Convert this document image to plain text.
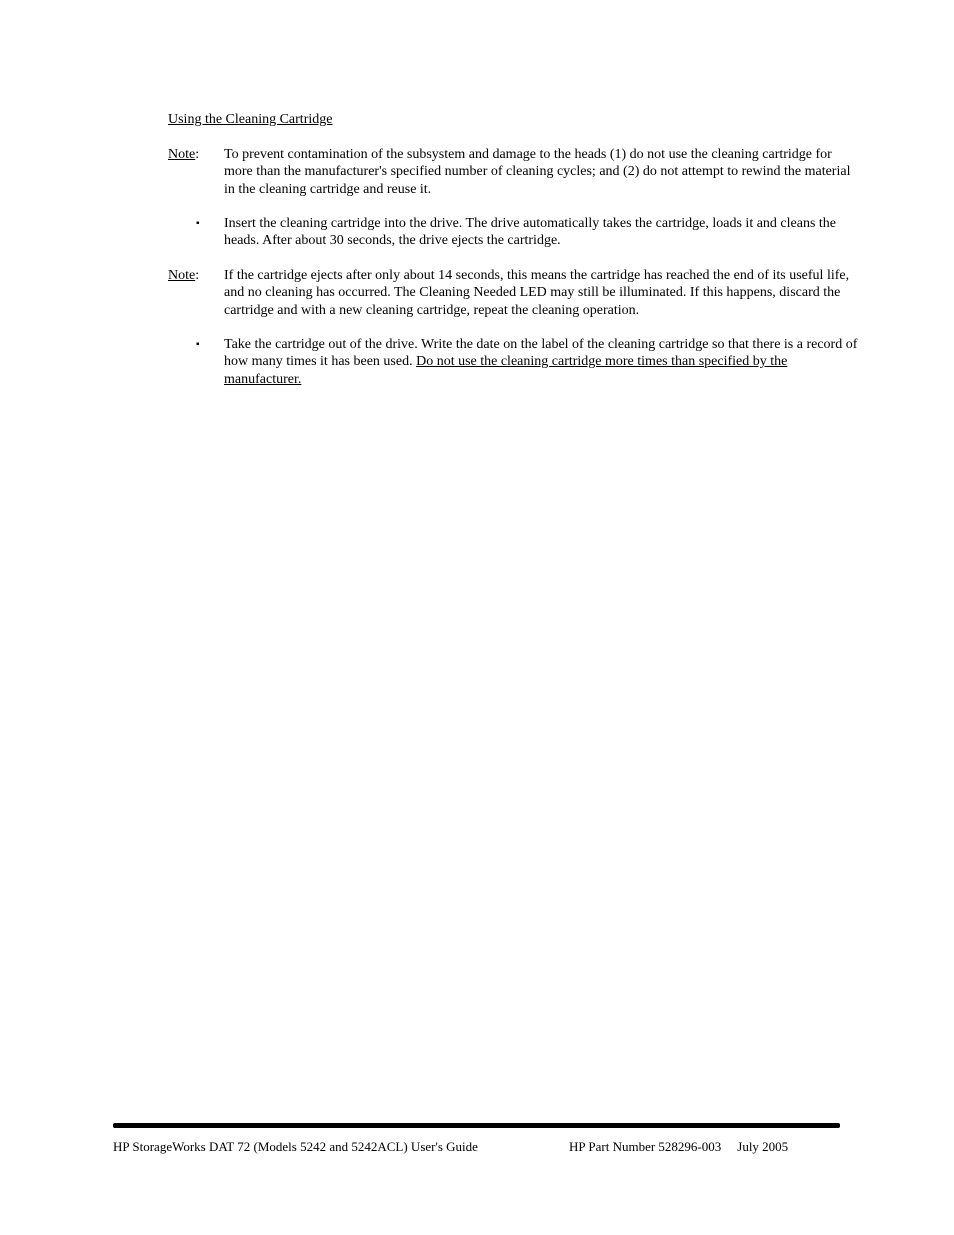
Using the Cleaning Cartridge
Note: To prevent contamination of the subsystem and damage to the heads (1) do not use the cleaning cartridge for more than the manufacturer's specified number of cleaning cycles; and (2) do not attempt to rewind the material in the cleaning cartridge and reuse it.
▪	Insert the cleaning cartridge into the drive. The drive automatically takes the cartridge, loads it and cleans the heads. After about 30 seconds, the drive ejects the cartridge.
Note: If the cartridge ejects after only about 14 seconds, this means the cartridge has reached the end of its useful life, and no cleaning has occurred. The Cleaning Needed LED may still be illuminated. If this happens, discard the cartridge and with a new cleaning cartridge, repeat the cleaning operation.
▪	Take the cartridge out of the drive. Write the date on the label of the cleaning cartridge so that there is a record of how many times it has been used. Do not use the cleaning cartridge more times than specified by the manufacturer.
HP StorageWorks DAT 72 (Models 5242 and 5242ACL) User's Guide	HP Part Number 528296-003 July 2005
